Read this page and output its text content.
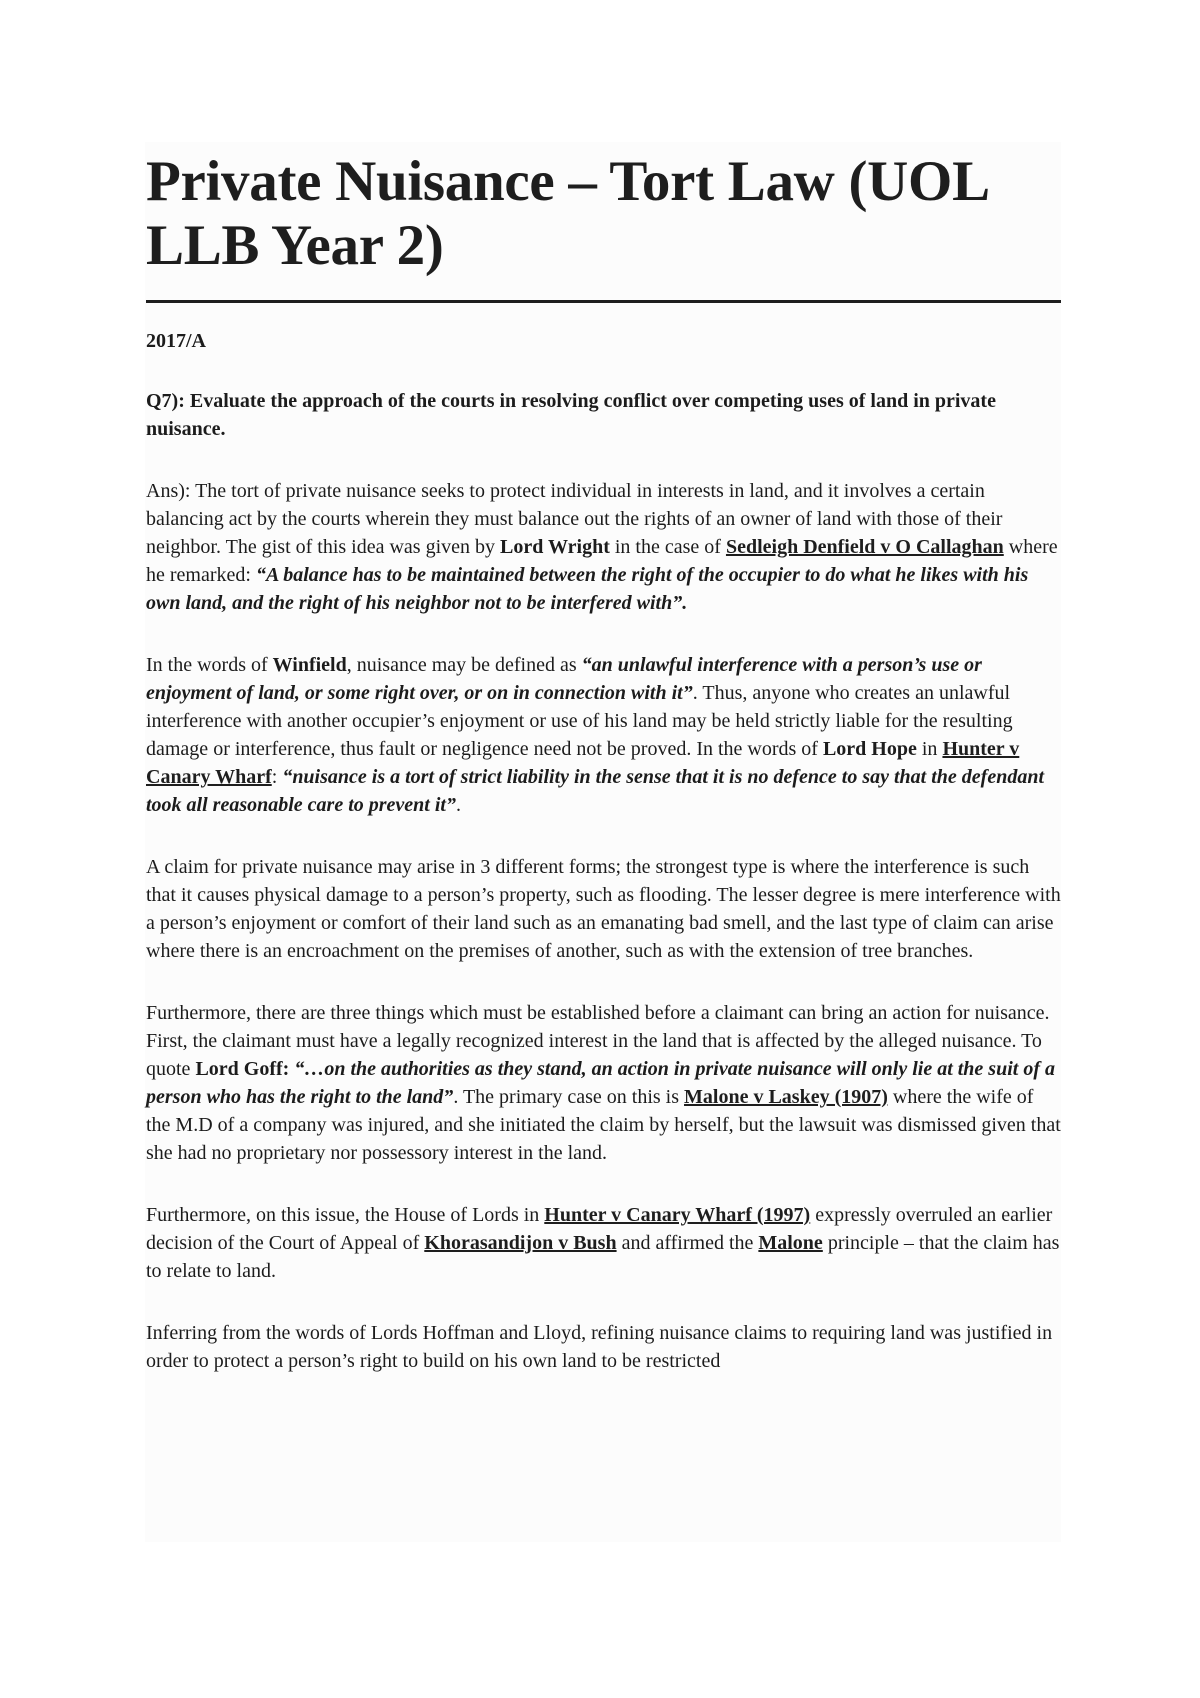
Private Nuisance – Tort Law (UOL
LLB Year 2)
2017/A
Q7): Evaluate the approach of the courts in resolving conflict over competing uses of land in private nuisance.

Ans): The tort of private nuisance seeks to protect individual in interests in land, and it involves a certain balancing act by the courts wherein they must balance out the rights of an owner of land with those of their neighbor. The gist of this idea was given by Lord Wright in the case of Sedleigh Denfield v O Callaghan where he remarked: “A balance has to be maintained between the right of the occupier to do what he likes with his own land, and the right of his neighbor not to be interfered with”.

In the words of Winfield, nuisance may be defined as “an unlawful interference with a person’s use or enjoyment of land, or some right over, or on in connection with it”. Thus, anyone who creates an unlawful interference with another occupier’s enjoyment or use of his land may be held strictly liable for the resulting damage or interference, thus fault or negligence need not be proved. In the words of Lord Hope in Hunter v Canary Wharf: “nuisance is a tort of strict liability in the sense that it is no defence to say that the defendant took all reasonable care to prevent it”.

A claim for private nuisance may arise in 3 different forms; the strongest type is where the interference is such that it causes physical damage to a person’s property, such as flooding. The lesser degree is mere interference with a person’s enjoyment or comfort of their land such as an emanating bad smell, and the last type of claim can arise where there is an encroachment on the premises of another, such as with the extension of tree branches.

Furthermore, there are three things which must be established before a claimant can bring an action for nuisance. First, the claimant must have a legally recognized interest in the land that is affected by the alleged nuisance. To quote Lord Goff: “…on the authorities as they stand, an action in private nuisance will only lie at the suit of a person who has the right to the land”. The primary case on this is Malone v Laskey (1907) where the wife of the M.D of a company was injured, and she initiated the claim by herself, but the lawsuit was dismissed given that she had no proprietary nor possessory interest in the land.

Furthermore, on this issue, the House of Lords in Hunter v Canary Wharf (1997) expressly overruled an earlier decision of the Court of Appeal of Khorasandijon v Bush and affirmed the Malone principle – that the claim has to relate to land.

Inferring from the words of Lords Hoffman and Lloyd, refining nuisance claims to requiring land was justified in order to protect a person’s right to build on his own land to be restricted
